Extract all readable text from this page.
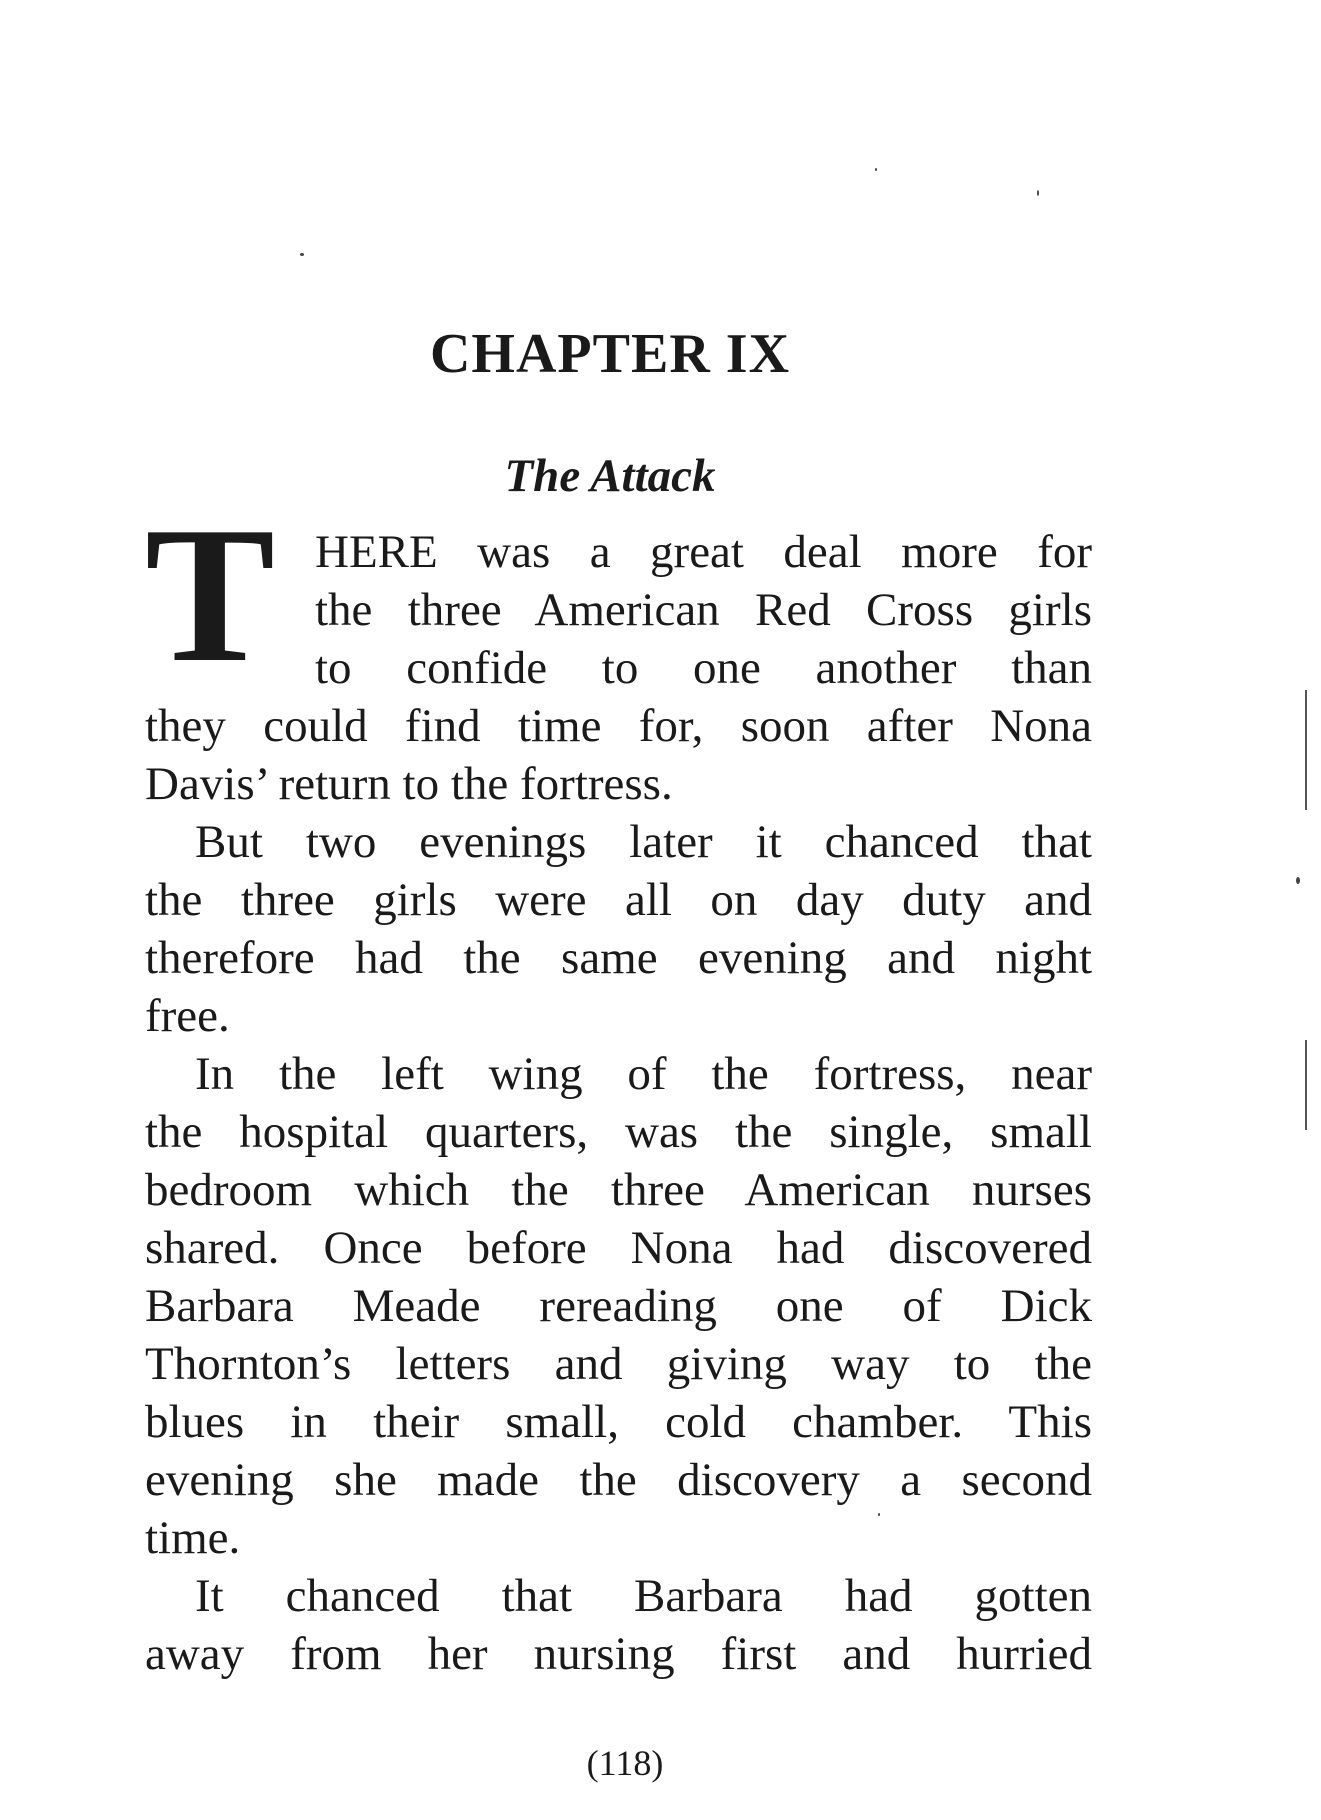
CHAPTER IX
The Attack
T HERE was a great deal more for
the three American Red Cross girls
to confide to one another than
they could find time for, soon after Nona
Davis’ return to the fortress.
But two evenings later it chanced that
the three girls were all on day duty and
therefore had the same evening and night
free.
In the left wing of the fortress, near
the hospital quarters, was the single, small
bedroom which the three American nurses
shared. Once before Nona had discovered
Barbara Meade rereading one of Dick
Thornton’s letters and giving way to the
blues in their small, cold chamber. This
evening she made the discovery a second
time.
It chanced that Barbara had gotten
away from her nursing first and hurried
(118)
